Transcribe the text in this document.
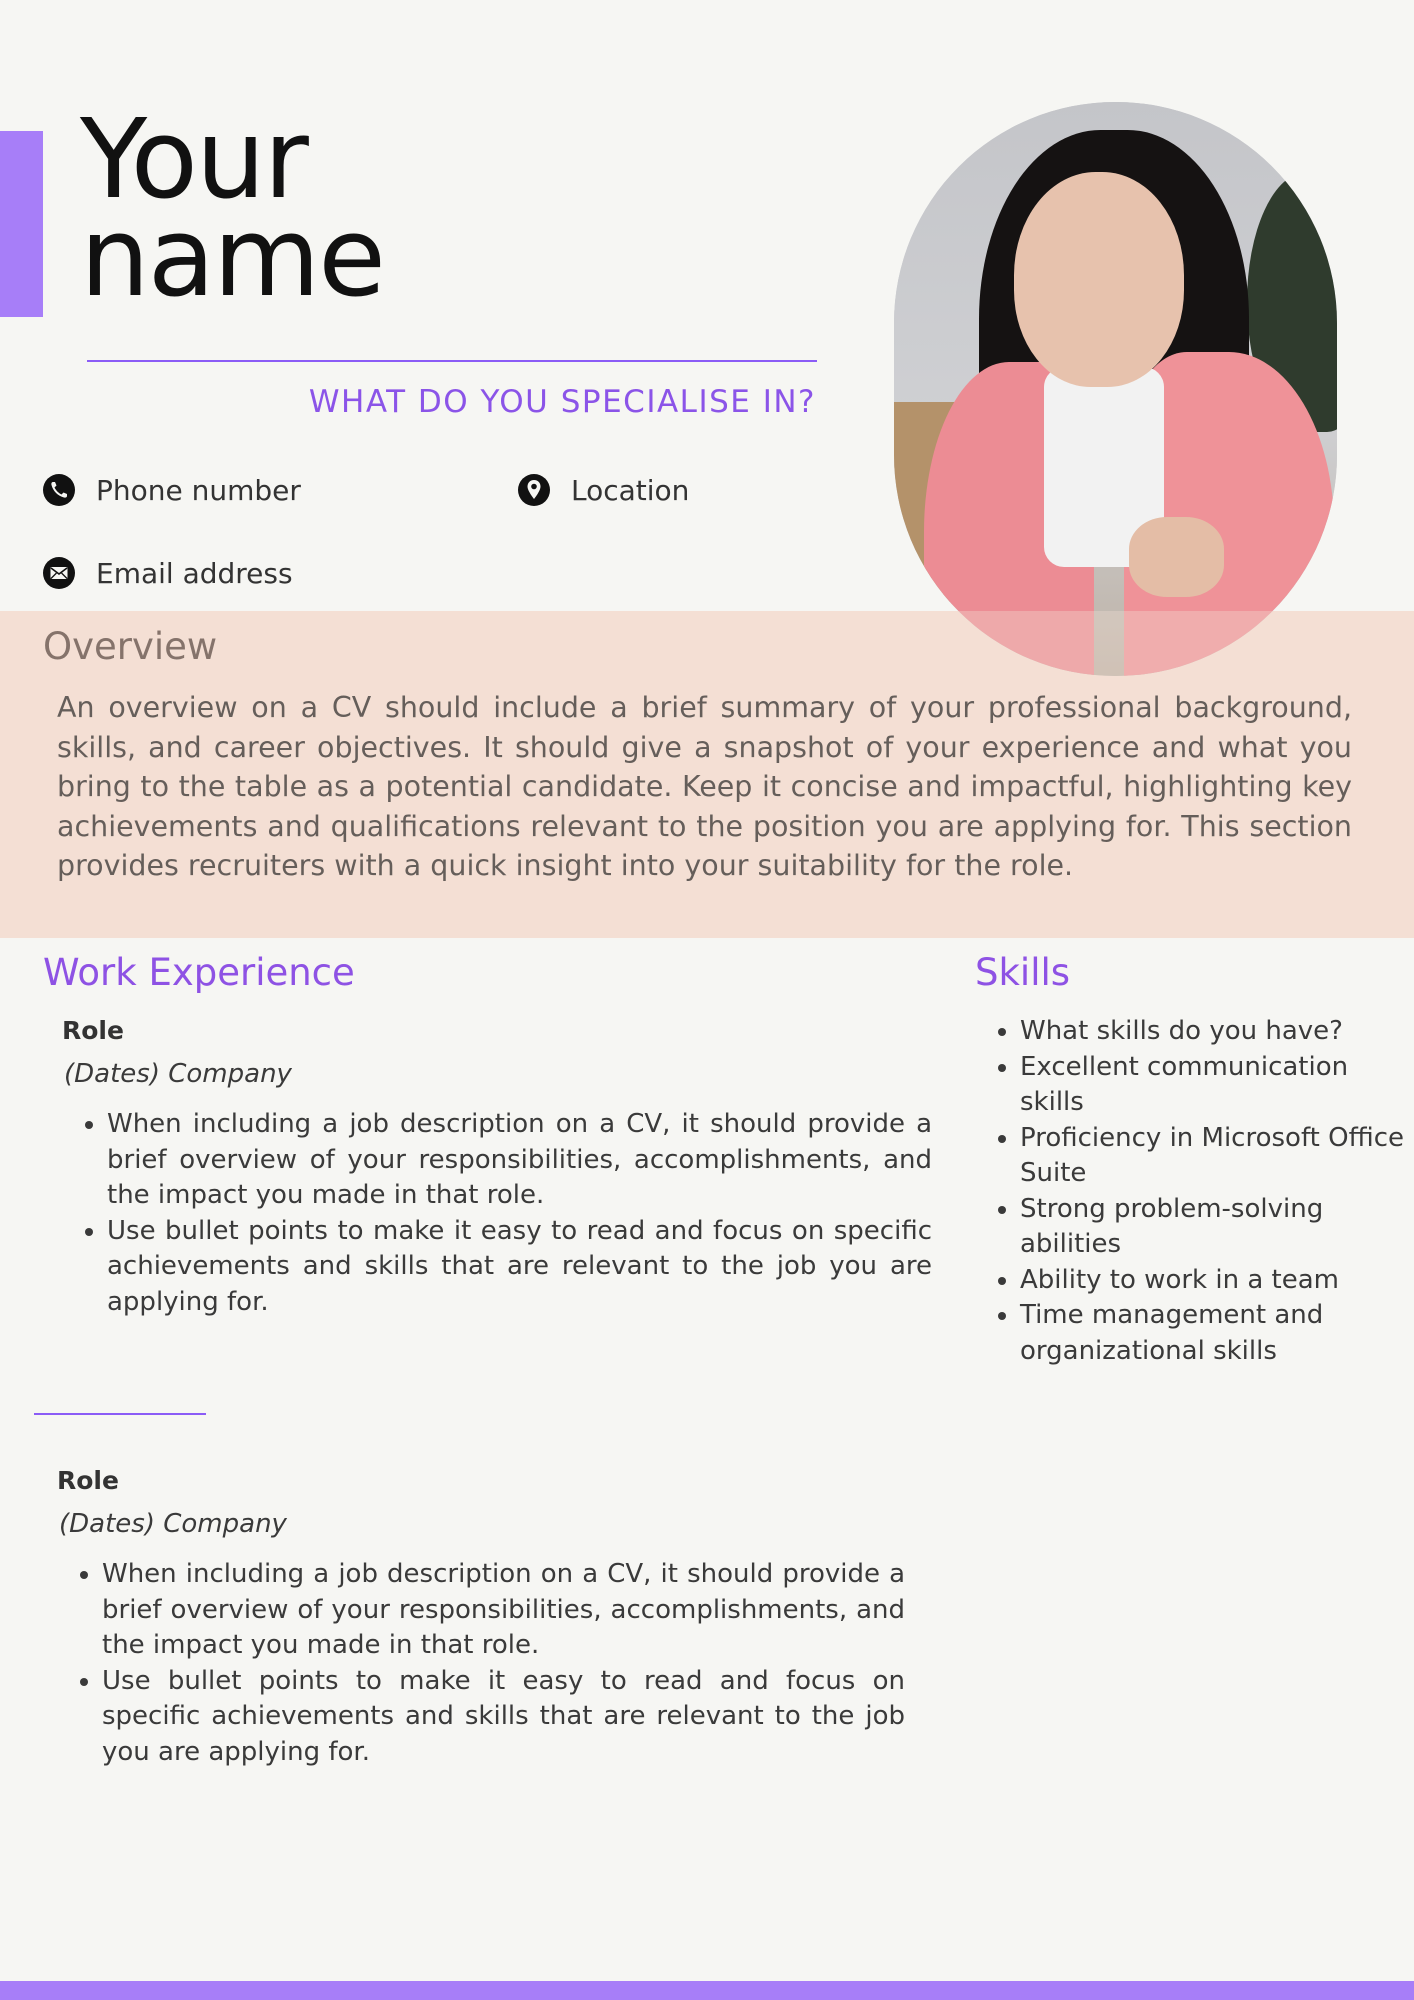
Your
name
WHAT DO YOU SPECIALISE IN?
Phone number	Location
Email address
Overview

An overview on a CV should include a brief summary of your professional background, skills, and career objectives. It should give a snapshot of your experience and what you bring to the table as a potential candidate. Keep it concise and impactful, highlighting key achievements and qualifications relevant to the position you are applying for. This section provides recruiters with a quick insight into your suitability for the role.

Work Experience	Skills

Role

(Dates) Company

• When including a job description on a CV, it should provide a brief overview of your responsibilities, accomplishments, and the impact you made in that role.
• Use bullet points to make it easy to read and focus on specific achievements and skills that are relevant to the job you are applying for.

Role

(Dates) Company

• When including a job description on a CV, it should provide a brief overview of your responsibilities, accomplishments, and the impact you made in that role.
• Use bullet points to make it easy to read and focus on specific achievements and skills that are relevant to the job you are applying for.
• What skills do you have?
• Excellent communication skills
• Proficiency in Microsoft Office Suite
• Strong problem-solving abilities
• Ability to work in a team
• Time management and organizational skills
